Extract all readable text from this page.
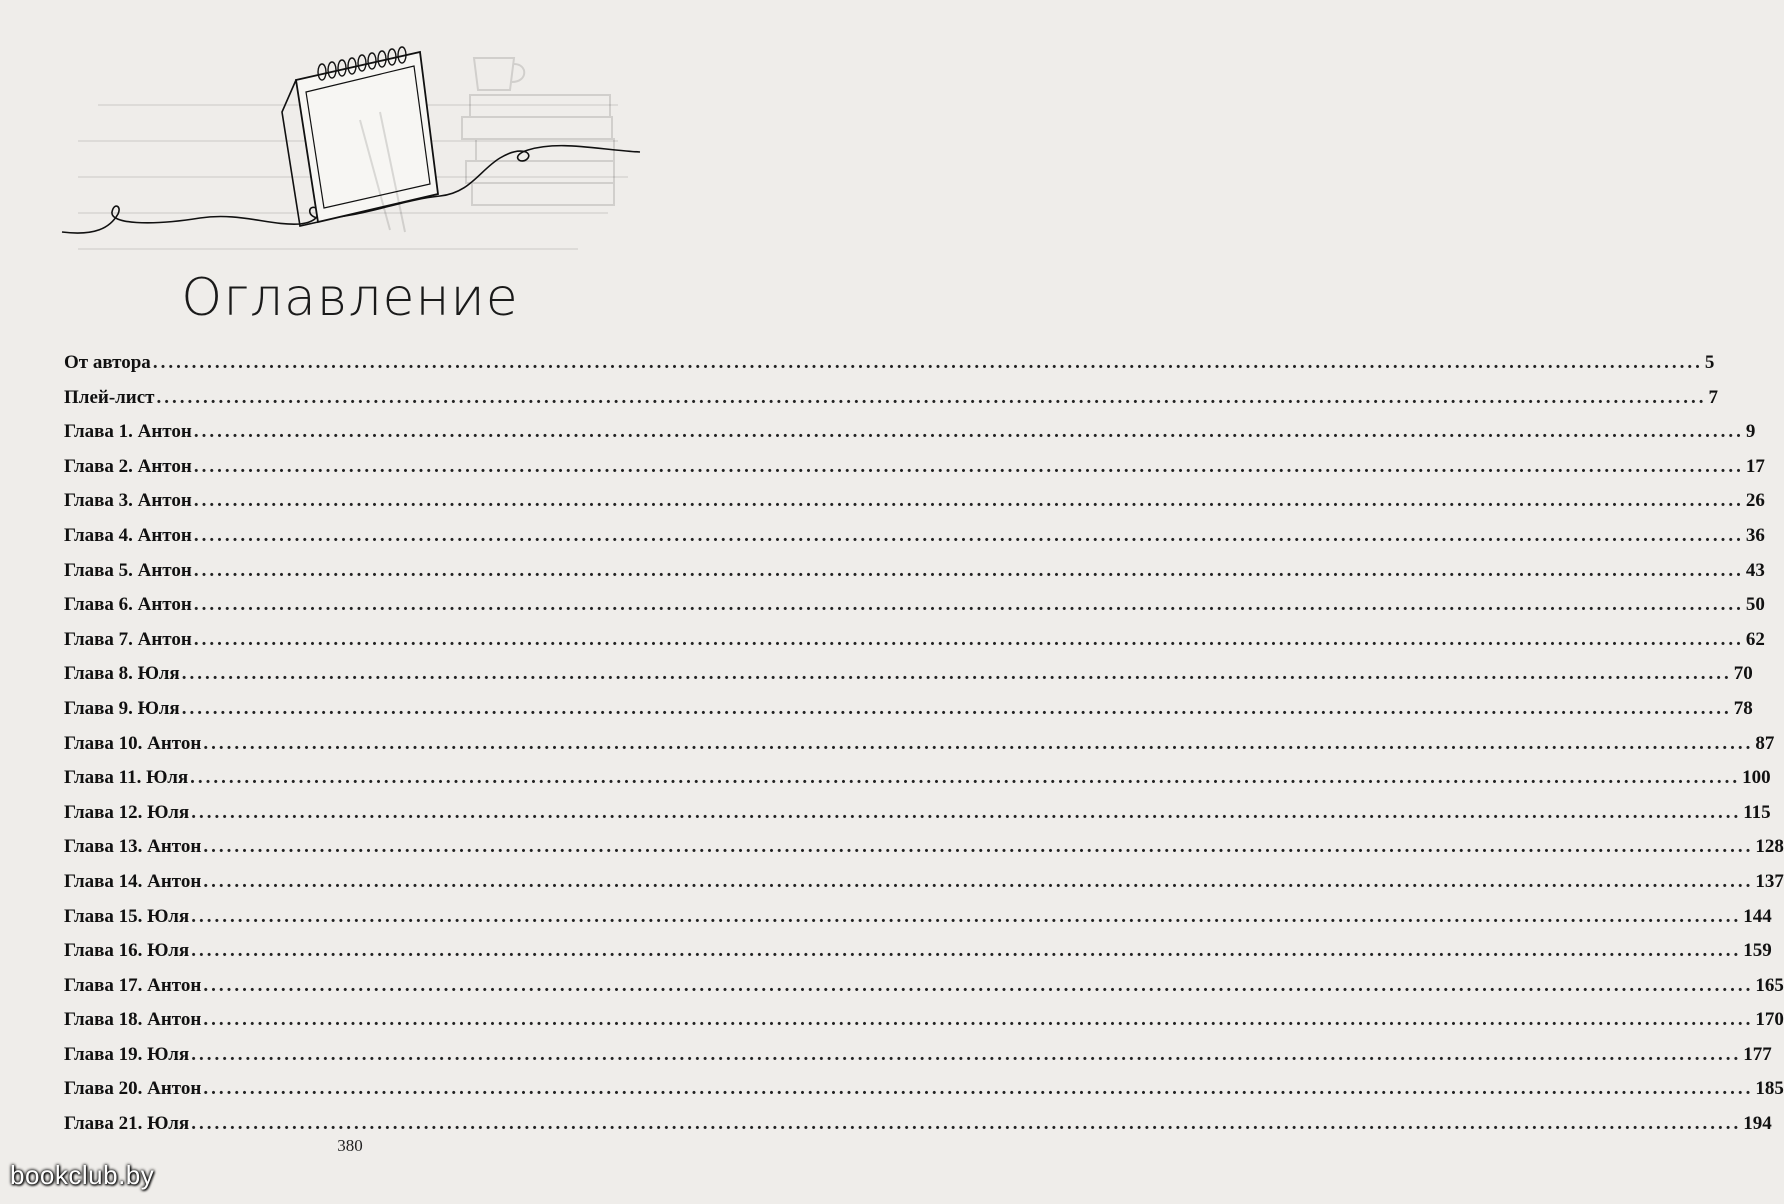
Оглавление
От автора ........................................................................................................................................................................................................ 5
Плей-лист ........................................................................................................................................................................................................ 7
Глава 1. Антон ........................................................................................................................................................................................................ 9
Глава 2. Антон ........................................................................................................................................................................................................ 17
Глава 3. Антон ........................................................................................................................................................................................................ 26
Глава 4. Антон ........................................................................................................................................................................................................ 36
Глава 5. Антон ........................................................................................................................................................................................................ 43
Глава 6. Антон ........................................................................................................................................................................................................ 50
Глава 7. Антон ........................................................................................................................................................................................................ 62
Глава 8. Юля ........................................................................................................................................................................................................ 70
Глава 9. Юля ........................................................................................................................................................................................................ 78
Глава 10. Антон ........................................................................................................................................................................................................ 87
Глава 11. Юля ........................................................................................................................................................................................................ 100
Глава 12. Юля ........................................................................................................................................................................................................ 115
Глава 13. Антон ........................................................................................................................................................................................................ 128
Глава 14. Антон ........................................................................................................................................................................................................ 137
Глава 15. Юля ........................................................................................................................................................................................................ 144
Глава 16. Юля ........................................................................................................................................................................................................ 159
Глава 17. Антон ........................................................................................................................................................................................................ 165
Глава 18. Антон ........................................................................................................................................................................................................ 170
Глава 19. Юля ........................................................................................................................................................................................................ 177
Глава 20. Антон ........................................................................................................................................................................................................ 185
Глава 21. Юля ........................................................................................................................................................................................................ 194
380
bookclub.by
